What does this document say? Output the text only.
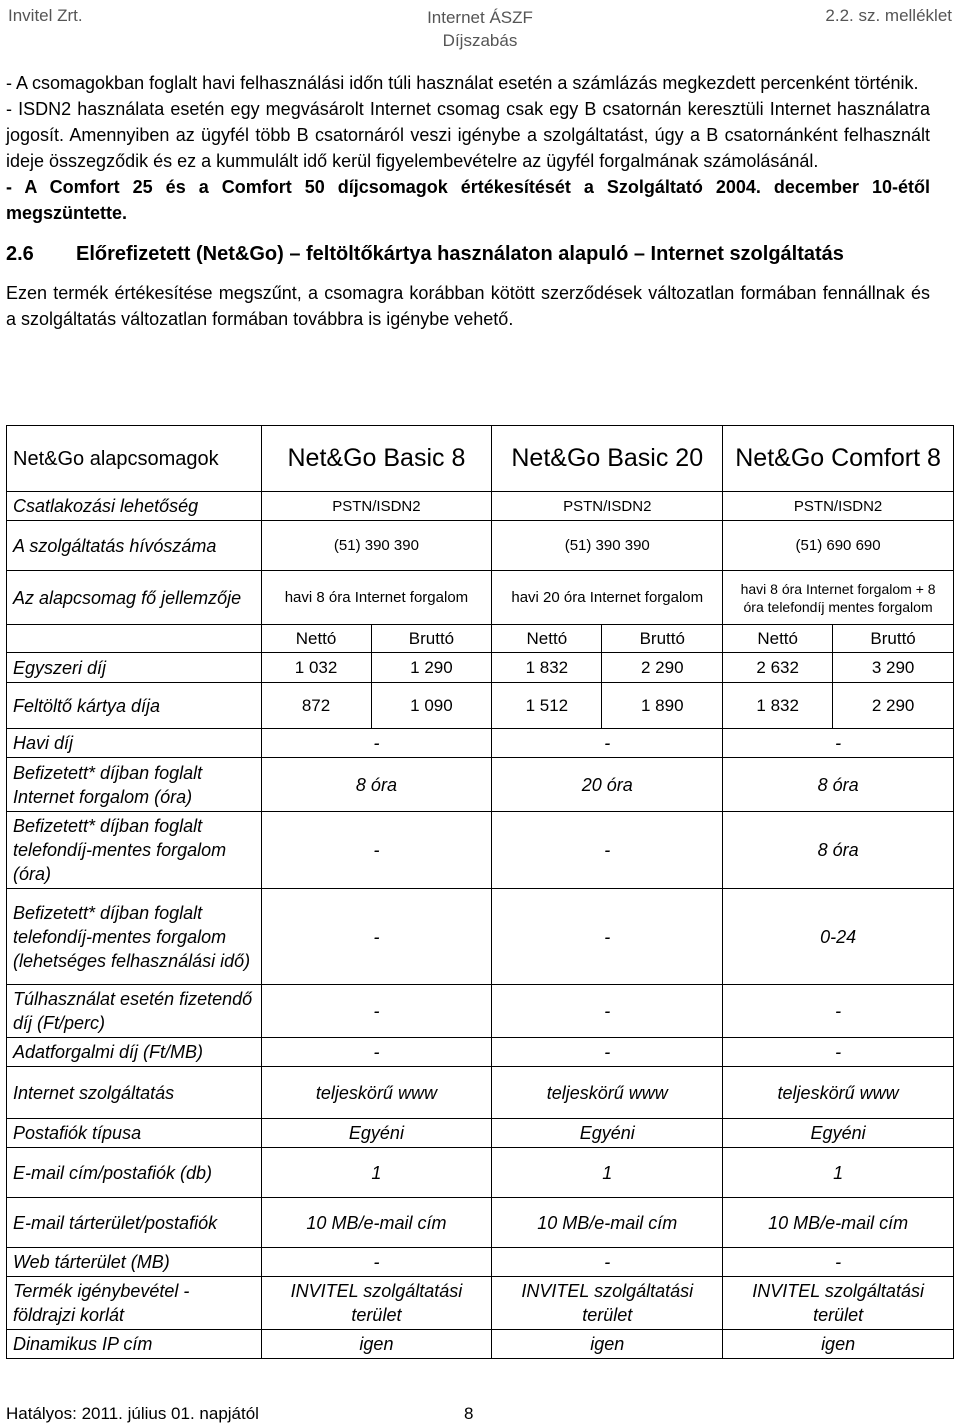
Invitel Zrt.	Internet ÁSZF
Díjszabás
2.2. sz. melléklet

- A csomagokban foglalt havi felhasználási időn túli használat esetén a számlázás megkezdett percenként történik.

- ISDN2 használata esetén egy megvásárolt Internet csomag csak egy B csatornán keresztüli Internet használatra jogosít. Amennyiben az ügyfél több B csatornáról veszi igénybe a szolgáltatást, úgy a B csatornánként felhasznált ideje összegződik és ez a kummulált idő kerül figyelembevételre az ügyfél forgalmának számolásánál.

- A Comfort 25 és a Comfort 50 díjcsomagok értékesítését a Szolgáltató 2004. december 10-étől megszüntette.

2.6	Előrefizetett (Net&Go) – feltöltőkártya használaton alapuló – Internet szolgáltatás

Ezen termék értékesítése megszűnt, a csomagra korábban kötött szerződések változatlan formában fennállnak és a szolgáltatás változatlan formában továbbra is igénybe vehető.

Net&Go alapcsomagok	Net&Go Basic 8		Net&Go Basic 20		Net&Go Comfort 8	
Csatlakozási lehetőség	PSTN/ISDN2		PSTN/ISDN2		PSTN/ISDN2	
A szolgáltatás hívószáma	(51) 390 390		(51) 390 390		(51) 690 690	
Az alapcsomag fő jellemzője	havi 8 óra Internet forgalom		havi 20 óra Internet forgalom		havi 8 óra Internet forgalom + 8 óra telefondíj mentes forgalom	
	Nettó	Bruttó	Nettó	Bruttó	Nettó	Bruttó
Egyszeri díj	1 032	1 290	1 832	2 290	2 632	3 290
Feltöltő kártya díja	872	1 090	1 512	1 890	1 832	2 290
Havi díj	-		-		-	
Befizetett* díjban foglalt Internet forgalom (óra)	8 óra		20 óra		8 óra	
Befizetett* díjban foglalt telefondíj-mentes forgalom (óra)	-		-		8 óra	
Befizetett* díjban foglalt telefondíj-mentes forgalom (lehetséges felhasználási idő)	-		-		0-24	
Túlhasználat esetén fizetendő díj (Ft/perc)	-		-		-	
Adatforgalmi díj (Ft/MB)	-		-		-	
Internet szolgáltatás	teljeskörű www		teljeskörű www		teljeskörű www	
Postafiók típusa	Egyéni		Egyéni		Egyéni	
E-mail cím/postafiók (db)	1		1		1	
E-mail tárterület/postafiók	10 MB/e-mail cím		10 MB/e-mail cím		10 MB/e-mail cím	
Web tárterület (MB)	-		-		-	
Termék igénybevétel - földrajzi korlát	INVITEL szolgáltatási terület		INVITEL szolgáltatási terület		INVITEL szolgáltatási terület	
Dinamikus IP cím	igen		igen		igen	
Hatályos: 2011. július 01. napjától	8
